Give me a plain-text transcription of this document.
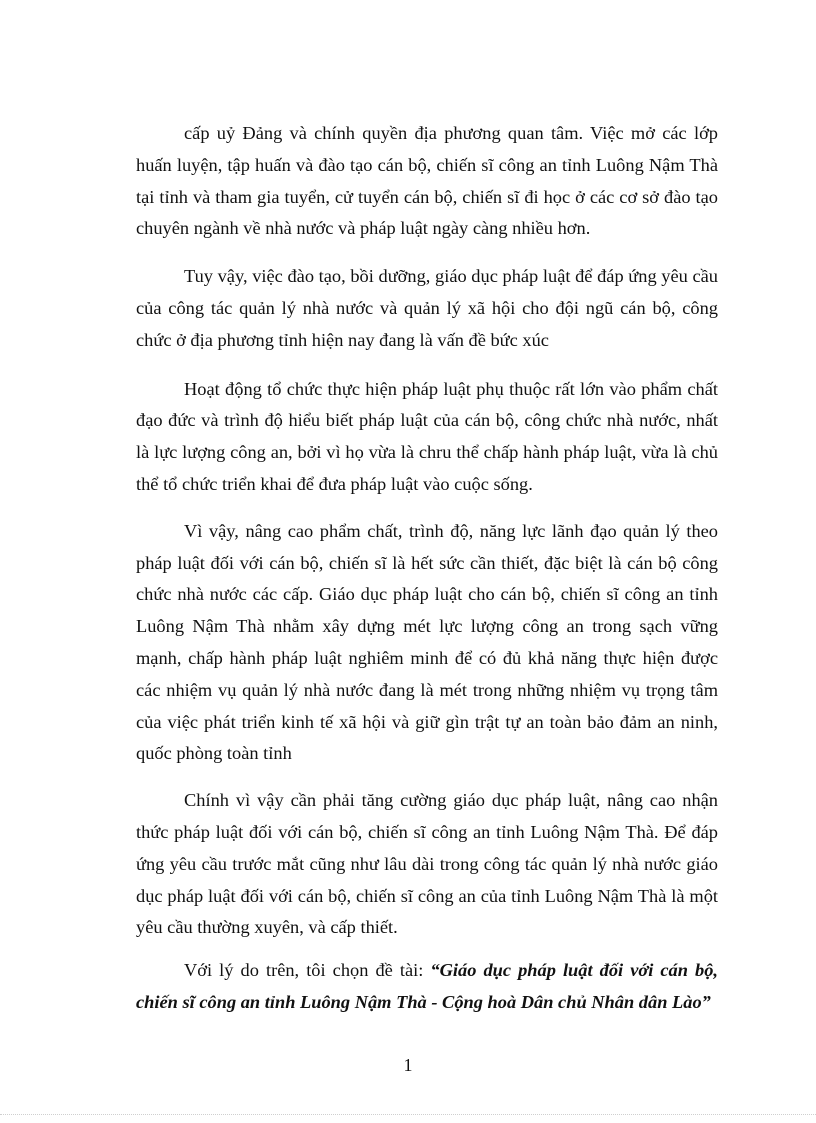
cấp uỷ Đảng và chính quyền địa phương quan tâm. Việc mở các lớp huấn luyện, tập huấn và đào tạo cán bộ, chiến sĩ công an tỉnh Luông Nậm Thà tại tỉnh và tham gia tuyển, cử tuyển cán bộ, chiến sĩ đi học ở các cơ sở đào tạo chuyên ngành về nhà nước và pháp luật ngày càng nhiều hơn.

Tuy vậy, việc đào tạo, bồi dưỡng, giáo dục pháp luật để đáp ứng yêu cầu của công tác quản lý nhà nước và quản lý xã hội cho đội ngũ cán bộ, công chức ở địa phương tỉnh hiện nay đang là vấn đề bức xúc

Hoạt động tổ chức thực hiện pháp luật phụ thuộc rất lớn vào phẩm chất đạo đức và trình độ hiểu biết pháp luật của cán bộ, công chức nhà nước, nhất là lực lượng công an, bởi vì họ vừa là chru thể chấp hành pháp luật, vừa là chủ thể tổ chức triển khai để đưa pháp luật vào cuộc sống.

Vì vậy, nâng cao phẩm chất, trình độ, năng lực lãnh đạo quản lý theo pháp luật đối với cán bộ, chiến sĩ là hết sức cần thiết, đặc biệt là cán bộ công chức nhà nước các cấp. Giáo dục pháp luật cho cán bộ, chiến sĩ công an tỉnh Luông Nậm Thà nhằm xây dựng mét lực lượng công an trong sạch vững mạnh, chấp hành pháp luật nghiêm minh để có đủ khả năng thực hiện được các nhiệm vụ quản lý nhà nước đang là mét trong những nhiệm vụ trọng tâm của việc phát triển kinh tế xã hội và giữ gìn trật tự an toàn bảo đảm an ninh, quốc phòng toàn tỉnh

Chính vì vậy cần phải tăng cường giáo dục pháp luật, nâng cao nhận thức pháp luật đối với cán bộ, chiến sĩ công an tỉnh Luông Nậm Thà. Để đáp ứng yêu cầu trước mắt cũng như lâu dài trong công tác quản lý nhà nước giáo dục pháp luật đối với cán bộ, chiến sĩ công an của tỉnh Luông Nậm Thà là một yêu cầu thường xuyên, và cấp thiết.

Với lý do trên, tôi chọn đề tài: “Giáo dục pháp luật đối với cán bộ, chiến sĩ công an tỉnh Luông Nậm Thà - Cộng hoà Dân chủ Nhân dân Lào”

1
